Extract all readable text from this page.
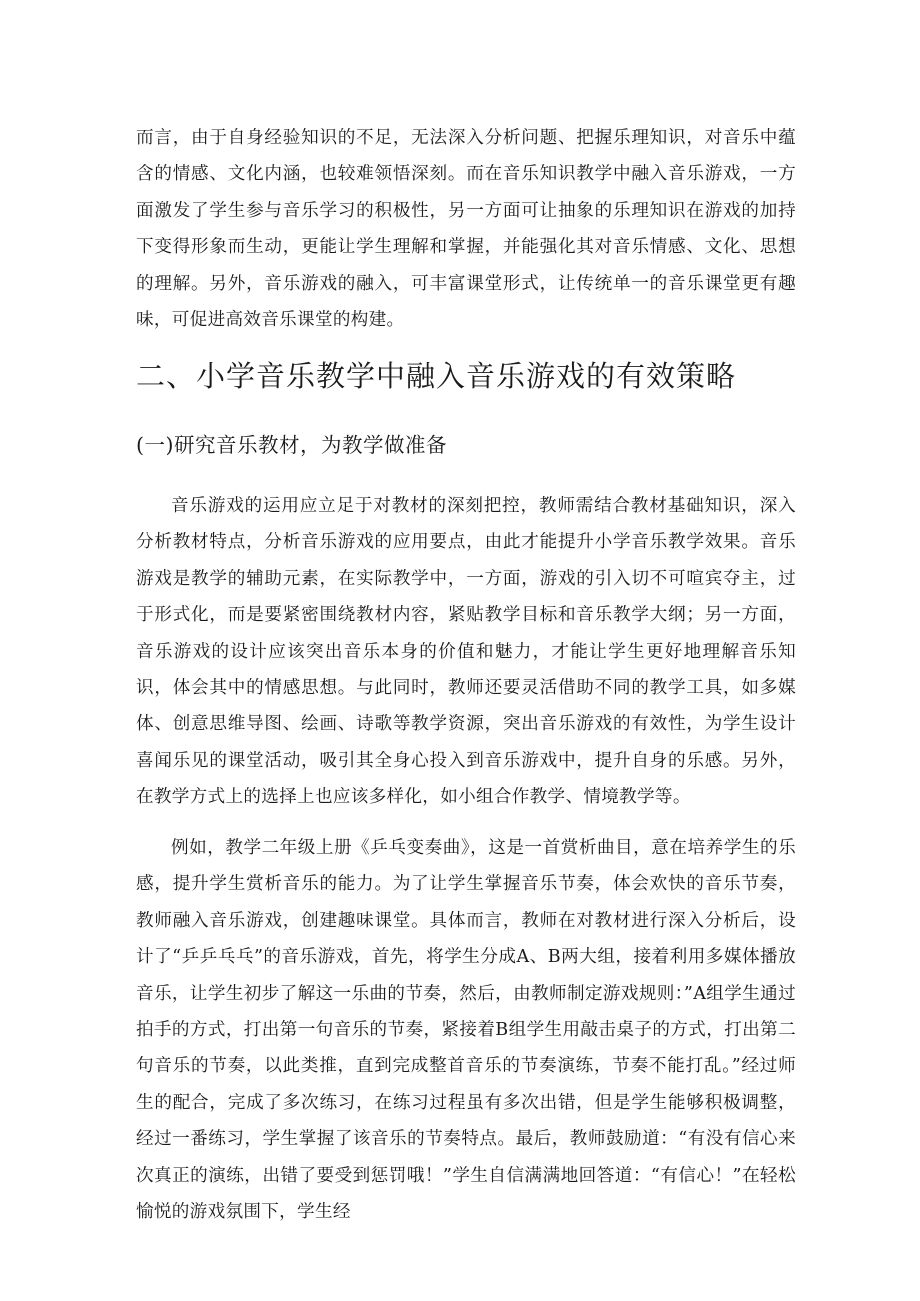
而言，由于自身经验知识的不足，无法深入分析问题、把握乐理知识，对音乐中蕴含的情感、文化内涵，也较难领悟深刻。而在音乐知识教学中融入音乐游戏，一方面激发了学生参与音乐学习的积极性，另一方面可让抽象的乐理知识在游戏的加持下变得形象而生动，更能让学生理解和掌握，并能强化其对音乐情感、文化、思想的理解。另外，音乐游戏的融入，可丰富课堂形式，让传统单一的音乐课堂更有趣味，可促进高效音乐课堂的构建。

二、小学音乐教学中融入音乐游戏的有效策略
(一)研究音乐教材，为教学做准备

音乐游戏的运用应立足于对教材的深刻把控，教师需结合教材基础知识，深入分析教材特点，分析音乐游戏的应用要点，由此才能提升小学音乐教学效果。音乐游戏是教学的辅助元素，在实际教学中，一方面，游戏的引入切不可喧宾夺主，过于形式化，而是要紧密围绕教材内容，紧贴教学目标和音乐教学大纲；另一方面，音乐游戏的设计应该突出音乐本身的价值和魅力，才能让学生更好地理解音乐知识，体会其中的情感思想。与此同时，教师还要灵活借助不同的教学工具，如多媒体、创意思维导图、绘画、诗歌等教学资源，突出音乐游戏的有效性，为学生设计喜闻乐见的课堂活动，吸引其全身心投入到音乐游戏中，提升自身的乐感。另外，在教学方式上的选择上也应该多样化，如小组合作教学、情境教学等。

例如，教学二年级上册《乒乓变奏曲》，这是一首赏析曲目，意在培养学生的乐感，提升学生赏析音乐的能力。为了让学生掌握音乐节奏，体会欢快的音乐节奏，教师融入音乐游戏，创建趣味课堂。具体而言，教师在对教材进行深入分析后，设计了“乒乒乓乓”的音乐游戏，首先，将学生分成A、B两大组，接着利用多媒体播放音乐，让学生初步了解这一乐曲的节奏，然后，由教师制定游戏规则：”A组学生通过拍手的方式，打出第一句音乐的节奏，紧接着B组学生用敲击桌子的方式，打出第二句音乐的节奏，以此类推，直到完成整首音乐的节奏演练，节奏不能打乱。”经过师生的配合，完成了多次练习，在练习过程虽有多次出错，但是学生能够积极调整，经过一番练习，学生掌握了该音乐的节奏特点。最后，教师鼓励道：“有没有信心来次真正的演练，出错了要受到惩罚哦！”学生自信满满地回答道：“有信心！”在轻松愉悦的游戏氛围下，学生经
